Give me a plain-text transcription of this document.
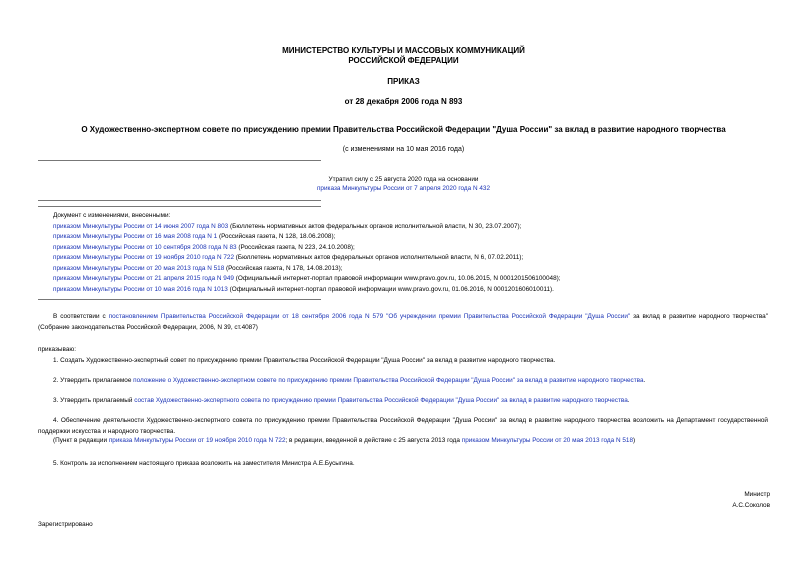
МИНИСТЕРСТВО КУЛЬТУРЫ И МАССОВЫХ КОММУНИКАЦИЙ
РОССИЙСКОЙ ФЕДЕРАЦИИ
ПРИКАЗ
от 28 декабря 2006 года N 893
О Художественно-экспертном совете по присуждению премии Правительства Российской Федерации "Душа России" за вклад в развитие народного творчества
(с изменениями на 10 мая 2016 года)
Утратил силу с 25 августа 2020 года на основании
приказа Минкультуры России от 7 апреля 2020 года N 432
Документ с изменениями, внесенными:
приказом Минкультуры России от 14 июня 2007 года N 803 (Бюллетень нормативных актов федеральных органов исполнительной власти, N 30, 23.07.2007);
приказом Минкультуры России от 16 мая 2008 года N 1 (Российская газета, N 128, 18.06.2008);
приказом Минкультуры России от 10 сентября 2008 года N 83 (Российская газета, N 223, 24.10.2008);
приказом Минкультуры России от 19 ноября 2010 года N 722 (Бюллетень нормативных актов федеральных органов исполнительной власти, N 6, 07.02.2011);
приказом Минкультуры России от 20 мая 2013 года N 518 (Российская газета, N 178, 14.08.2013);
приказом Минкультуры России от 21 апреля 2015 года N 949 (Официальный интернет-портал правовой информации www.pravo.gov.ru, 10.06.2015, N 0001201506100048);
приказом Минкультуры России от 10 мая 2016 года N 1013 (Официальный интернет-портал правовой информации www.pravo.gov.ru, 01.06.2016, N 0001201606010011).
В соответствии с постановлением Правительства Российской Федерации от 18 сентября 2006 года N 579 "Об учреждении премии Правительства Российской Федерации "Душа России" за вклад в развитие народного творчества" (Собрание законодательства Российской Федерации, 2006, N 39, ст.4087)
приказываю:
1. Создать Художественно-экспертный совет по присуждению премии Правительства Российской Федерации "Душа России" за вклад в развитие народного творчества.
2. Утвердить прилагаемое положение о Художественно-экспертном совете по присуждению премии Правительства Российской Федерации "Душа России" за вклад в развитие народного творчества.
3. Утвердить прилагаемый состав Художественно-экспертного совета по присуждению премии Правительства Российской Федерации "Душа России" за вклад в развитие народного творчества.
4. Обеспечение деятельности Художественно-экспертного совета по присуждению премии Правительства Российской Федерации "Душа России" за вклад в развитие народного творчества возложить на Департамент государственной поддержки искусства и народного творчества.
(Пункт в редакции приказа Минкультуры России от 19 ноября 2010 года N 722; в редакции, введенной в действие с 25 августа 2013 года приказом Минкультуры России от 20 мая 2013 года N 518)
5. Контроль за исполнением настоящего приказа возложить на заместителя Министра А.Е.Бусыгина.
Министр
А.С.Соколов
Зарегистрировано
